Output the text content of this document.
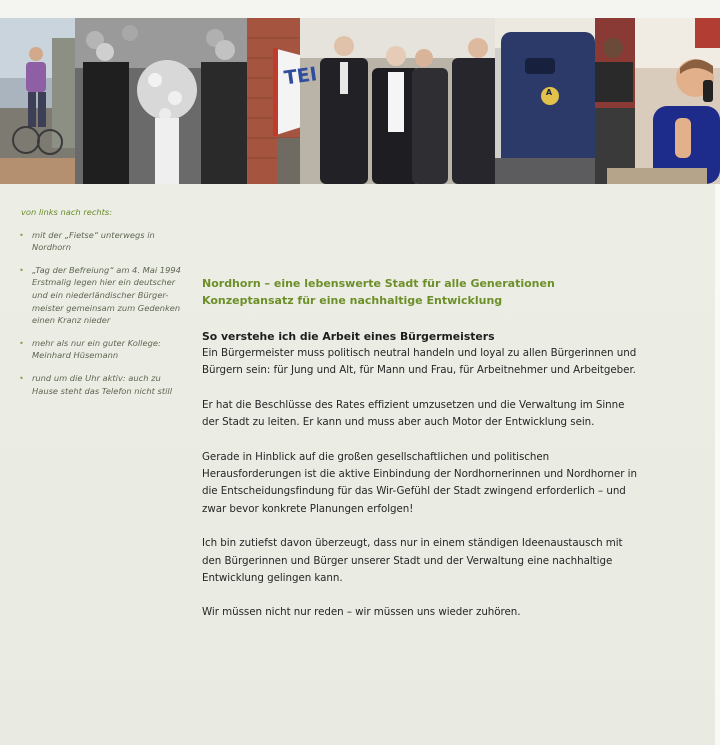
von links nach rechts:
• mit der „Fietse“ unterwegs in Nordhorn
• „Tag der Befreiung“ am 4. Mai 1994 Erstmalig legen hier ein deutscher und ein niederländischer Bürger-meister gemeinsam zum Gedenken einen Kranz nieder
• mehr als nur ein guter Kollege: Meinhard Hüsemann
• rund um die Uhr aktiv: auch zu Hause steht das Telefon nicht still

Nordhorn – eine lebenswerte Stadt für alle Generationen

Konzeptansatz für eine nachhaltige Entwicklung

So verstehe ich die Arbeit eines Bürgermeisters

Ein Bürgermeister muss politisch neutral handeln und loyal zu allen Bürgerinnen und Bürgern sein: für Jung und Alt, für Mann und Frau, für Arbeitnehmer und Arbeitgeber.

Er hat die Beschlüsse des Rates effizient umzusetzen und die Verwaltung im Sinne der Stadt zu leiten. Er kann und muss aber auch Motor der Entwicklung sein.

Gerade in Hinblick auf die großen gesellschaftlichen und politischen Herausforderungen ist die aktive Einbindung der Nordhornerinnen und Nordhorner in die Entscheidungsfindung für das Wir-Gefühl der Stadt zwingend erforderlich – und zwar bevor konkrete Planungen erfolgen!

Ich bin zutiefst davon überzeugt, dass nur in einem ständigen Ideenaustausch mit den Bürgerinnen und Bürger unserer Stadt und der Verwaltung eine nachhaltige Entwicklung gelingen kann.

Wir müssen nicht nur reden – wir müssen uns wieder zuhören.

TEI
A
